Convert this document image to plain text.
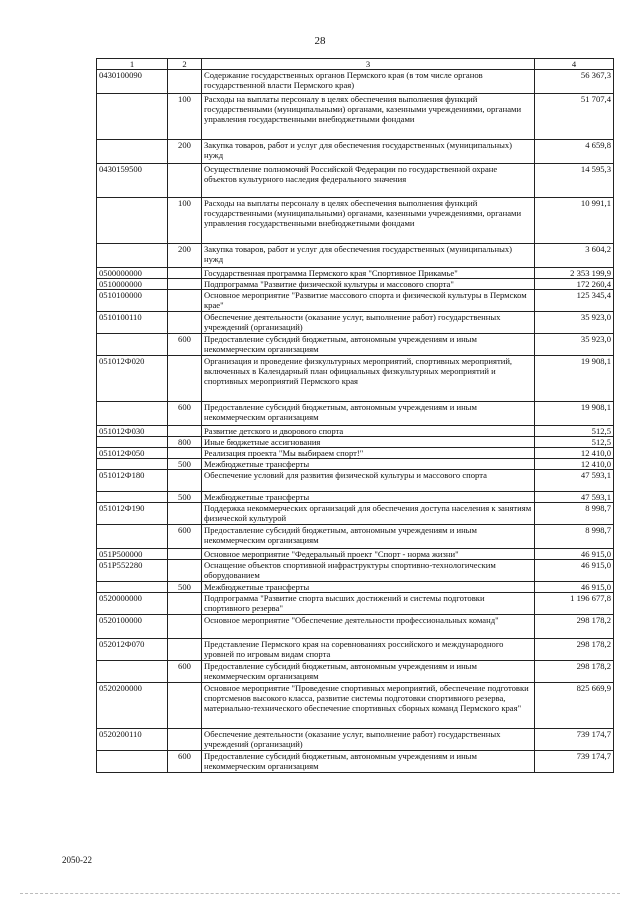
28
1	2	3	4
0430100090		Содержание государственных органов Пермского края (в том числе органов государственной власти Пермского края)	56 367,3
	100	Расходы на выплаты персоналу в целях обеспечения выполнения функций государственными (муниципальными) органами, казенными учреждениями, органами управления государственными внебюджетными фондами	51 707,4
	200	Закупка товаров, работ и услуг для обеспечения государственных (муниципальных) нужд	4 659,8
0430159500		Осуществление полномочий Российской Федерации по государственной охране объектов культурного наследия федерального значения	14 595,3
	100	Расходы на выплаты персоналу в целях обеспечения выполнения функций государственными (муниципальными) органами, казенными учреждениями, органами управления государственными внебюджетными фондами	10 991,1
	200	Закупка товаров, работ и услуг для обеспечения государственных (муниципальных) нужд	3 604,2
0500000000		Государственная программа Пермского края "Спортивное Прикамье"	2 353 199,9
0510000000		Подпрограмма "Развитие физической культуры и массового спорта"	172 260,4
0510100000		Основное мероприятие "Развитие массового спорта и физической культуры в Пермском крае"	125 345,4
0510100110		Обеспечение деятельности (оказание услуг, выполнение работ) государственных учреждений (организаций)	35 923,0
	600	Предоставление субсидий бюджетным, автономным учреждениям и иным некоммерческим организациям	35 923,0
051012Ф020		Организация и проведение физкультурных мероприятий, спортивных мероприятий, включенных в Календарный план официальных физкультурных мероприятий и спортивных мероприятий Пермского края	19 908,1
	600	Предоставление субсидий бюджетным, автономным учреждениям и иным некоммерческим организациям	19 908,1
051012Ф030		Развитие детского и дворового спорта	512,5
	800	Иные бюджетные ассигнования	512,5
051012Ф050		Реализация проекта "Мы выбираем спорт!"	12 410,0
	500	Межбюджетные трансферты	12 410,0
051012Ф180		Обеспечение условий для развития физической культуры и массового спорта	47 593,1
	500	Межбюджетные трансферты	47 593,1
051012Ф190		Поддержка некоммерческих организаций для обеспечения доступа населения к занятиям физической культурой	8 998,7
	600	Предоставление субсидий бюджетным, автономным учреждениям и иным некоммерческим организациям	8 998,7
051P500000		Основное мероприятие "Федеральный проект "Спорт - норма жизни"	46 915,0
051P552280		Оснащение объектов спортивной инфраструктуры спортивно-технологическим оборудованием	46 915,0
	500	Межбюджетные трансферты	46 915,0
0520000000		Подпрограмма "Развитие спорта высших достижений и системы подготовки спортивного резерва"	1 196 677,8
0520100000		Основное мероприятие "Обеспечение деятельности профессиональных команд"	298 178,2
052012Ф070		Представление Пермского края на соревнованиях российского и международного уровней по игровым видам спорта	298 178,2
	600	Предоставление субсидий бюджетным, автономным учреждениям и иным некоммерческим организациям	298 178,2
0520200000		Основное мероприятие "Проведение спортивных мероприятий, обеспечение подготовки спортсменов высокого класса, развитие системы подготовки спортивного резерва, материально-технического обеспечение спортивных сборных команд Пермского края"	825 669,9
0520200110		Обеспечение деятельности (оказание услуг, выполнение работ) государственных учреждений (организаций)	739 174,7
	600	Предоставление субсидий бюджетным, автономным учреждениям и иным некоммерческим организациям	739 174,7
2050-22
